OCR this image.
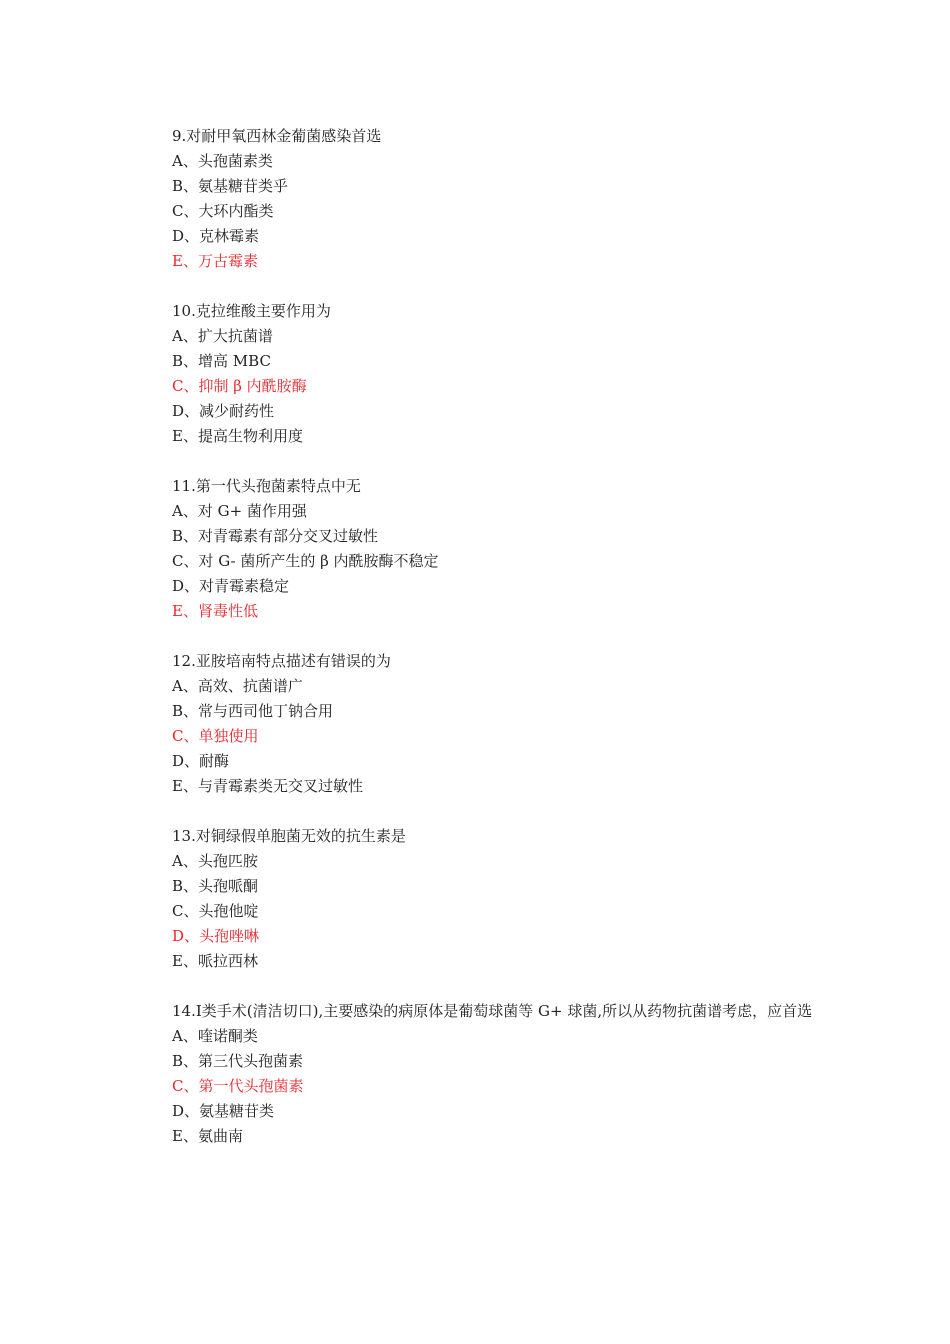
9.对耐甲氧西林金葡菌感染首选

A、头孢菌素类

B、氨基糖苷类乎

C、大环内酯类

D、克林霉素

E、万古霉素

10.克拉维酸主要作用为

A、扩大抗菌谱

B、增高 MBC

C、抑制 β 内酰胺酶

D、减少耐药性

E、提高生物利用度

11.第一代头孢菌素特点中无

A、对 G+ 菌作用强

B、对青霉素有部分交叉过敏性

C、对 G- 菌所产生的 β 内酰胺酶不稳定

D、对青霉素稳定

E、肾毒性低

12.亚胺培南特点描述有错误的为

A、高效、抗菌谱广

B、常与西司他丁钠合用

C、单独使用

D、耐酶

E、与青霉素类无交叉过敏性

13.对铜绿假单胞菌无效的抗生素是

A、头孢匹胺

B、头孢哌酮

C、头孢他啶

D、头孢唑啉

E、哌拉西林

14.Ⅰ类手术(清洁切口),主要感染的病原体是葡萄球菌等 G+ 球菌,所以从药物抗菌谱考虑，应首选

A、喹诺酮类

B、第三代头孢菌素

C、第一代头孢菌素

D、氨基糖苷类

E、氨曲南
